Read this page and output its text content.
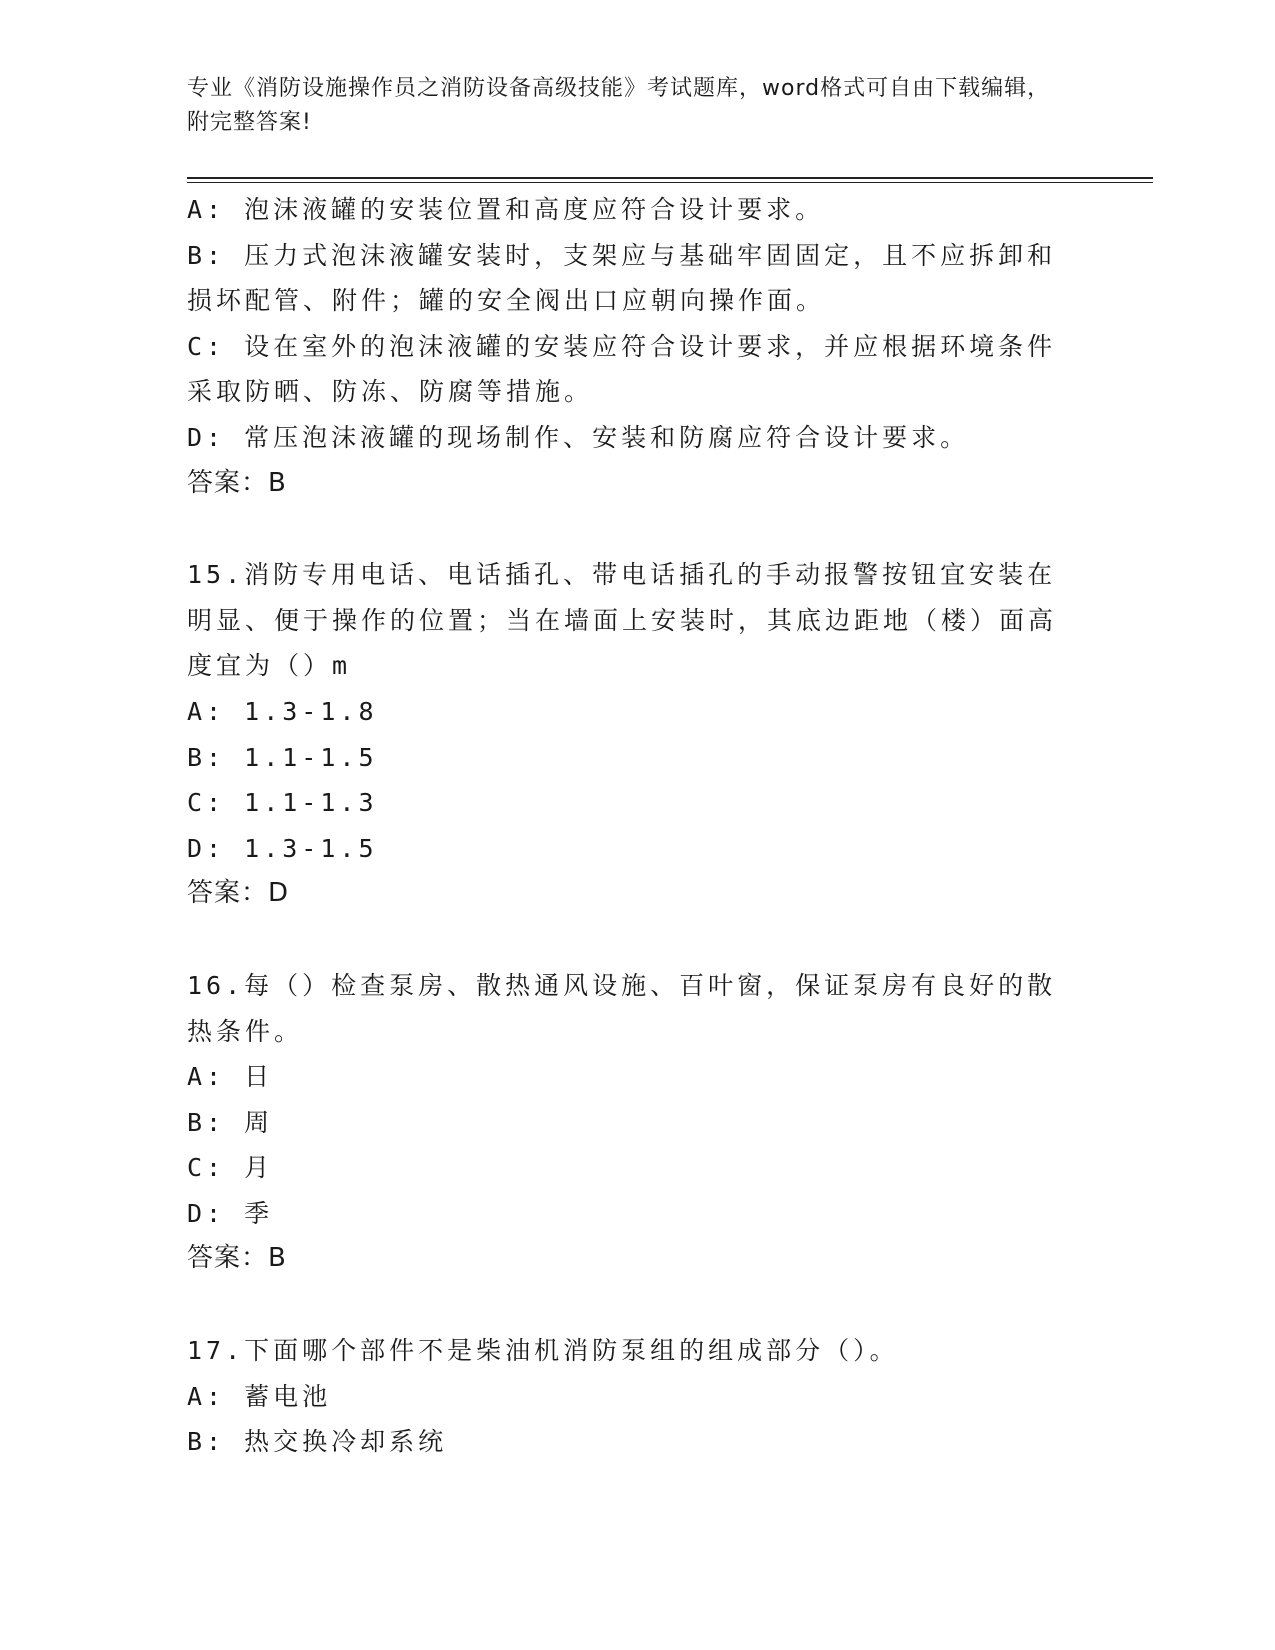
专业《消防设施操作员之消防设备高级技能》考试题库，word格式可自由下载编辑，附完整答案!
A: 泡沫液罐的安装位置和高度应符合设计要求。
B: 压力式泡沫液罐安装时，支架应与基础牢固固定，且不应拆卸和损坏配管、附件；罐的安全阀出口应朝向操作面。
C: 设在室外的泡沫液罐的安装应符合设计要求，并应根据环境条件采取防晒、防冻、防腐等措施。
D: 常压泡沫液罐的现场制作、安装和防腐应符合设计要求。
答案：B
15.消防专用电话、电话插孔、带电话插孔的手动报警按钮宜安装在明显、便于操作的位置；当在墙面上安装时，其底边距地（楼）面高度宜为（）m
A: 1.3-1.8
B: 1.1-1.5
C: 1.1-1.3
D: 1.3-1.5
答案：D
16.每（）检查泵房、散热通风设施、百叶窗，保证泵房有良好的散热条件。
A: 日
B: 周
C: 月
D: 季
答案：B
17.下面哪个部件不是柴油机消防泵组的组成部分（）。
A: 蓄电池
B: 热交换冷却系统
